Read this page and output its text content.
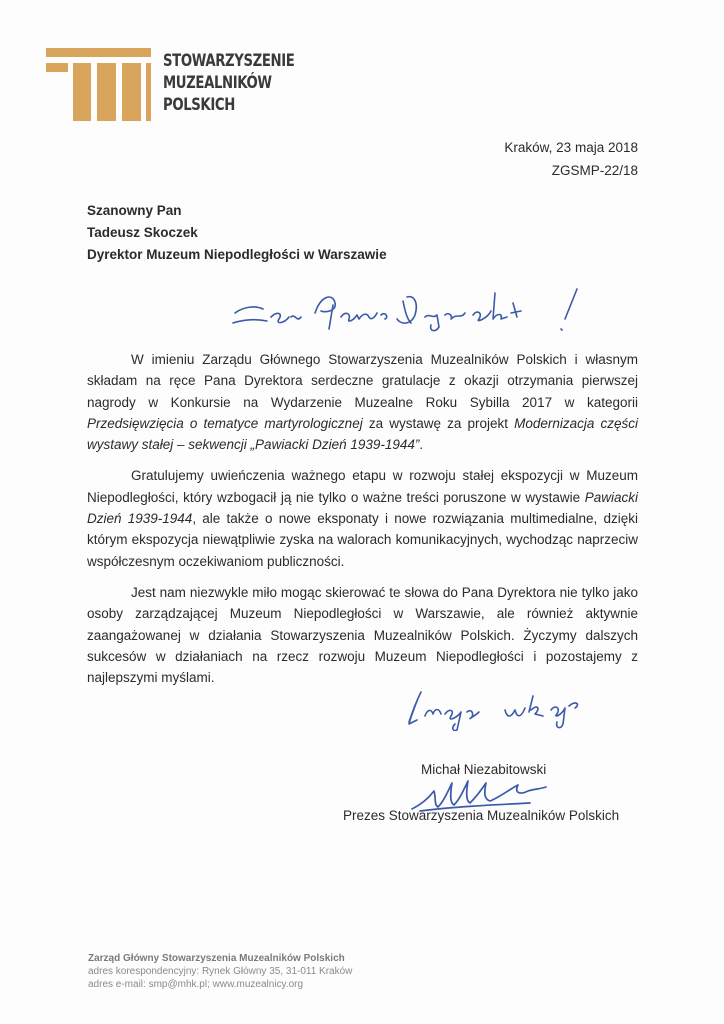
STOWARZYSZENIE
MUZEALNIKÓW
POLSKICH
Kraków, 23 maja 2018
ZGSMP-22/18
Szanowny Pan
Tadeusz Skoczek
Dyrektor Muzeum Niepodległości w Warszawie

W imieniu Zarządu Głównego Stowarzyszenia Muzealników Polskich i własnym składam na ręce Pana Dyrektora serdeczne gratulacje z okazji otrzymania pierwszej nagrody w Konkursie na Wydarzenie Muzealne Roku Sybilla 2017 w kategorii Przedsięwzięcia o tematyce martyrologicznej za wystawę za projekt Modernizacja części wystawy stałej – sekwencji „Pawiacki Dzień 1939-1944”.

Gratulujemy uwieńczenia ważnego etapu w rozwoju stałej ekspozycji w Muzeum Niepodległości, który wzbogacił ją nie tylko o ważne treści poruszone w wystawie Pawiacki Dzień 1939-1944, ale także o nowe eksponaty i nowe rozwiązania multimedialne, dzięki którym ekspozycja niewątpliwie zyska na walorach komunikacyjnych, wychodząc naprzeciw współczesnym oczekiwaniom publiczności.

Jest nam niezwykle miło mogąc skierować te słowa do Pana Dyrektora nie tylko jako osoby zarządzającej Muzeum Niepodległości w Warszawie, ale również aktywnie zaangażowanej w działania Stowarzyszenia Muzealników Polskich. Życzymy dalszych sukcesów w działaniach na rzecz rozwoju Muzeum Niepodległości i pozostajemy z najlepszymi myślami.

Michał Niezabitowski
Prezes Stowarzyszenia Muzealników Polskich
Zarząd Główny Stowarzyszenia Muzealników Polskich
adres korespondencyjny: Rynek Główny 35, 31-011 Kraków
adres e-mail: smp@mhk.pl; www.muzealnicy.org
